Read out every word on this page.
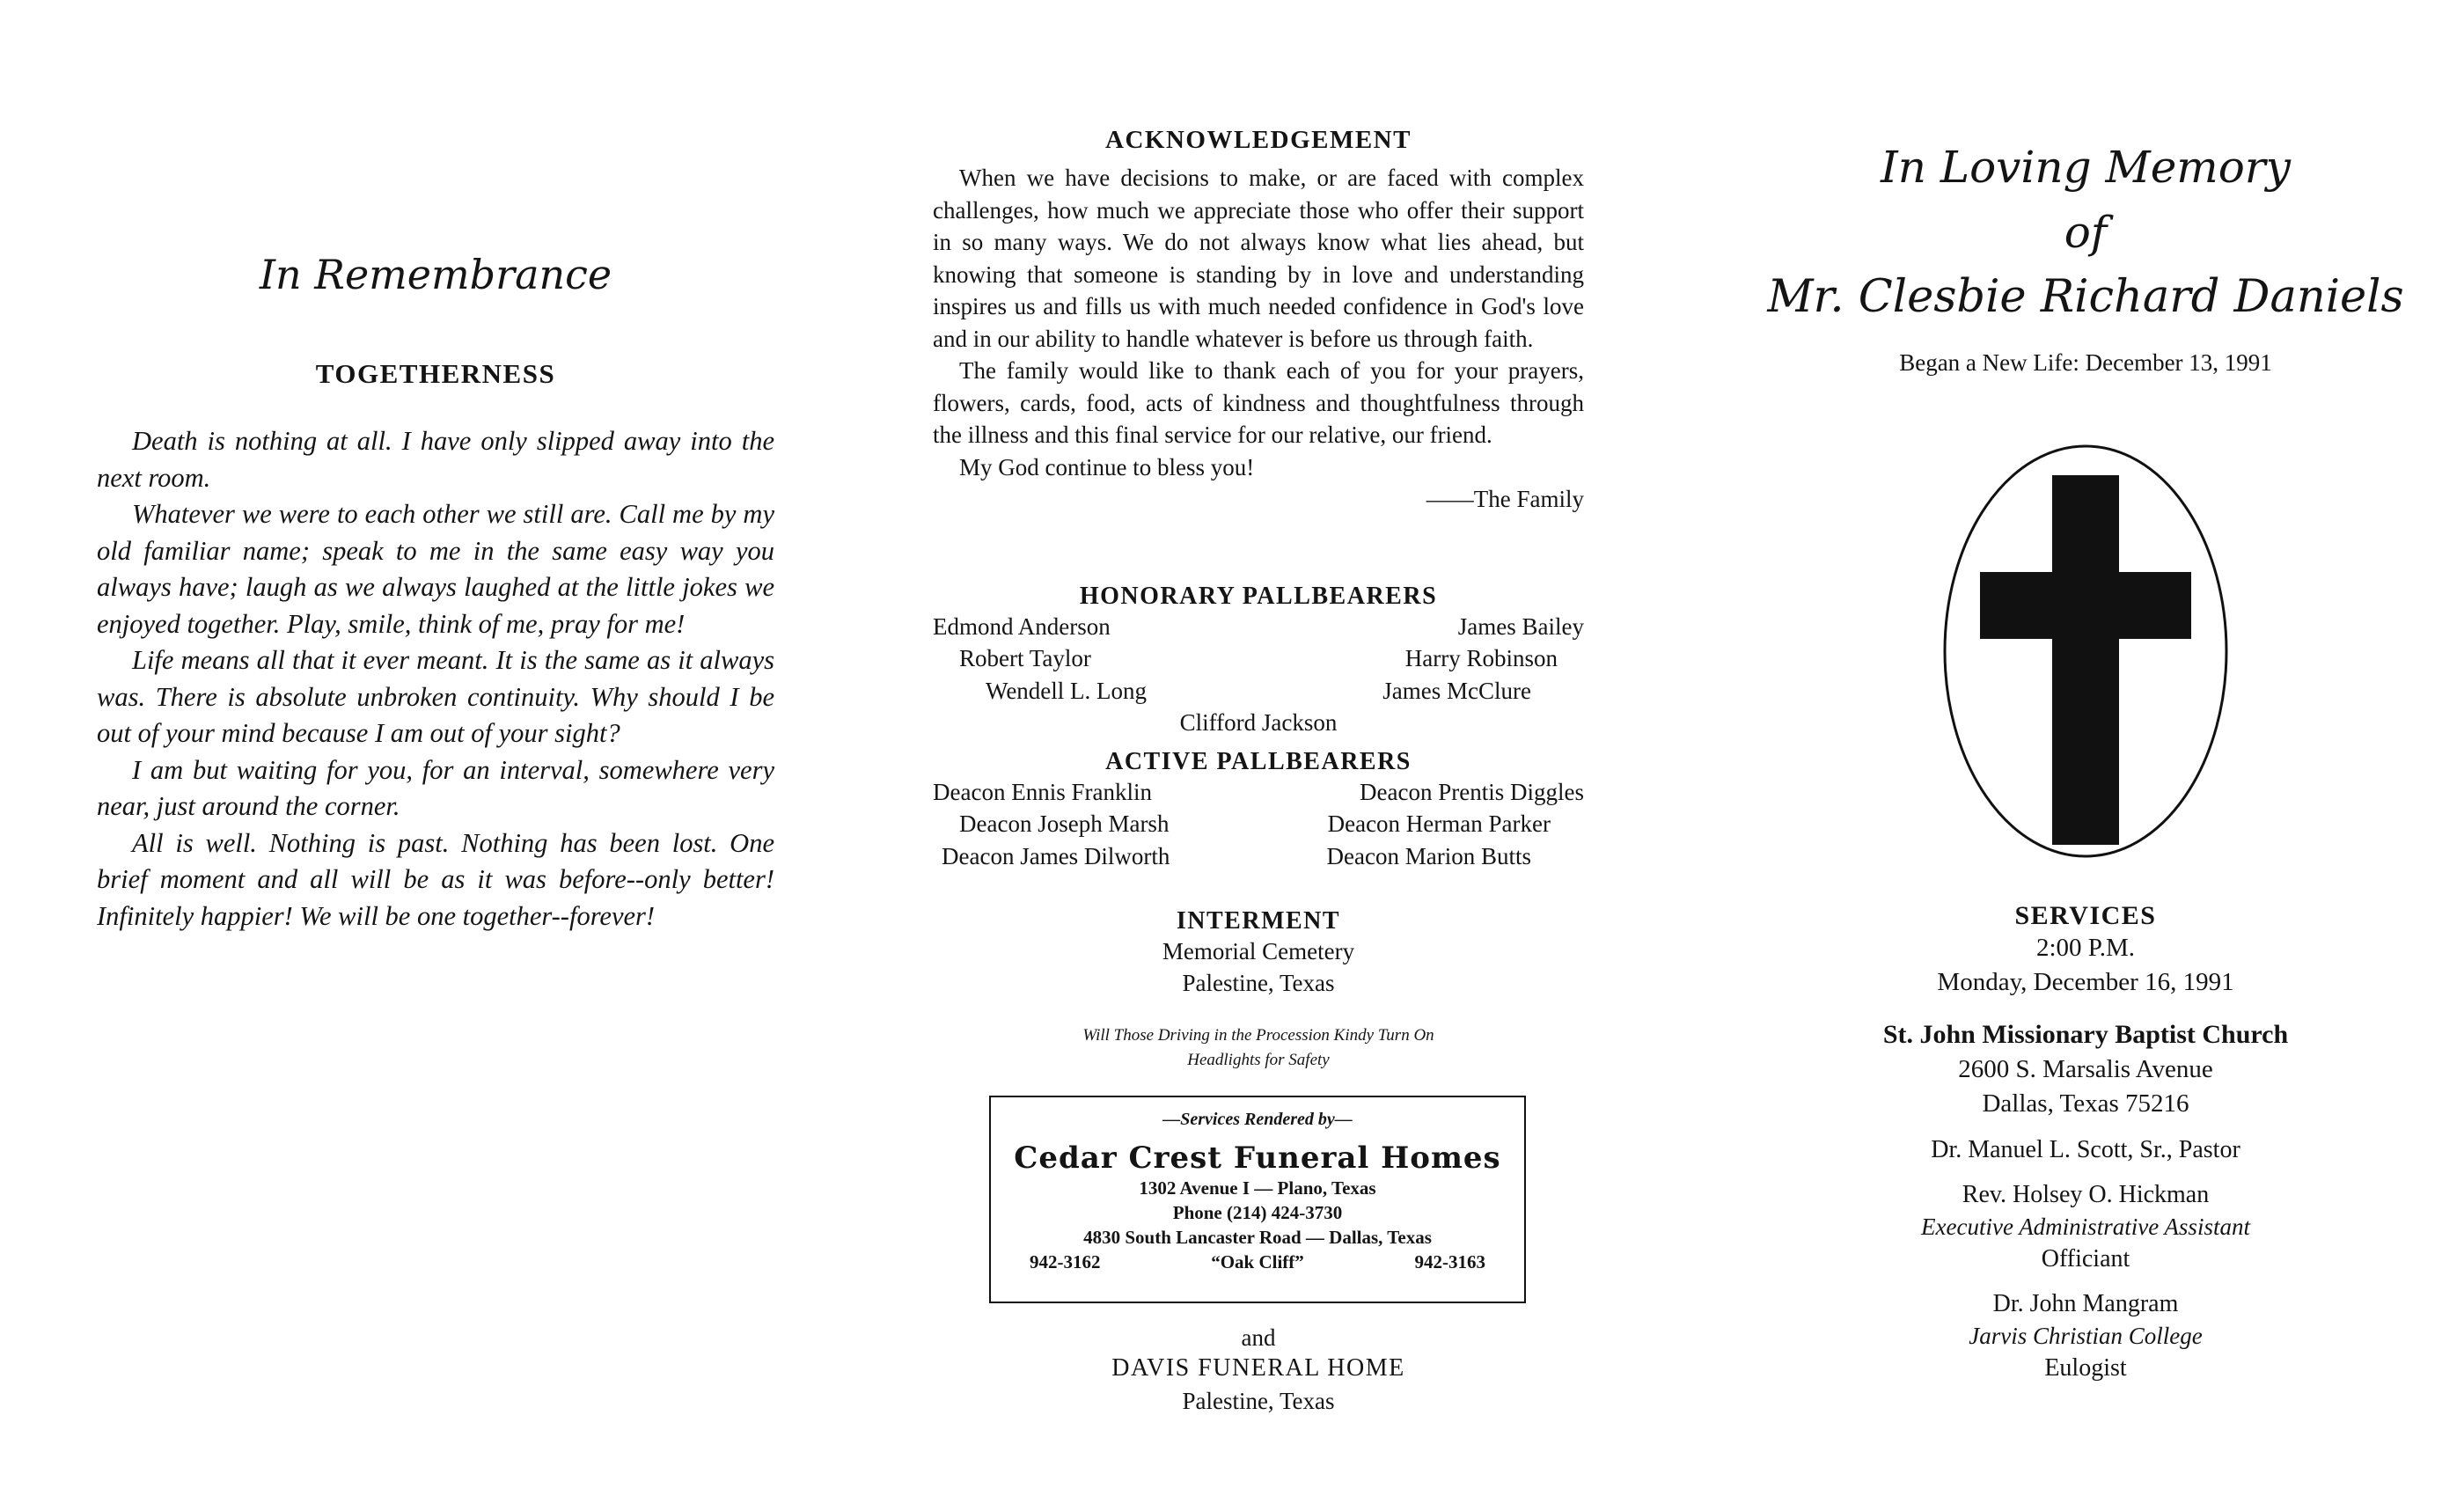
In Remembrance
TOGETHERNESS

Death is nothing at all. I have only slipped away into the next room.

Whatever we were to each other we still are. Call me by my old familiar name; speak to me in the same easy way you always have; laugh as we always laughed at the little jokes we enjoyed together. Play, smile, think of me, pray for me!

Life means all that it ever meant. It is the same as it always was. There is absolute unbroken continuity. Why should I be out of your mind because I am out of your sight?

I am but waiting for you, for an interval, somewhere very near, just around the corner.

All is well. Nothing is past. Nothing has been lost. One brief moment and all will be as it was before--only better! Infinitely happier! We will be one together--forever!

ACKNOWLEDGEMENT

When we have decisions to make, or are faced with complex challenges, how much we appreciate those who offer their support in so many ways. We do not always know what lies ahead, but knowing that someone is standing by in love and understanding inspires us and fills us with much needed confidence in God's love and in our ability to handle whatever is before us through faith.

The family would like to thank each of you for your prayers, flowers, cards, food, acts of kindness and thoughtfulness through the illness and this final service for our relative, our friend.

My God continue to bless you!

——The Family

HONORARY PALLBEARERS
Edmond Anderson	James Bailey
Robert Taylor	Harry Robinson
Wendell L. Long	James McClure
Clifford Jackson
ACTIVE PALLBEARERS
Deacon Ennis Franklin	Deacon Prentis Diggles
Deacon Joseph Marsh	Deacon Herman Parker
Deacon James Dilworth	Deacon Marion Butts
INTERMENT
Memorial Cemetery
Palestine, Texas
Will Those Driving in the Procession Kindy Turn On
Headlights for Safety
—Services Rendered by—
Cedar Crest Funeral Homes
1302 Avenue I — Plano, Texas
Phone (214) 424-3730
4830 South Lancaster Road — Dallas, Texas
942-3162	“Oak Cliff”	942-3163
and
DAVIS FUNERAL HOME
Palestine, Texas
In Loving Memory
of
Mr. Clesbie Richard Daniels
Began a New Life: December 13, 1991
SERVICES
2:00 P.M.
Monday, December 16, 1991
St. John Missionary Baptist Church
2600 S. Marsalis Avenue
Dallas, Texas 75216
Dr. Manuel L. Scott, Sr., Pastor
Rev. Holsey O. Hickman
Executive Administrative Assistant
Officiant
Dr. John Mangram
Jarvis Christian College
Eulogist
